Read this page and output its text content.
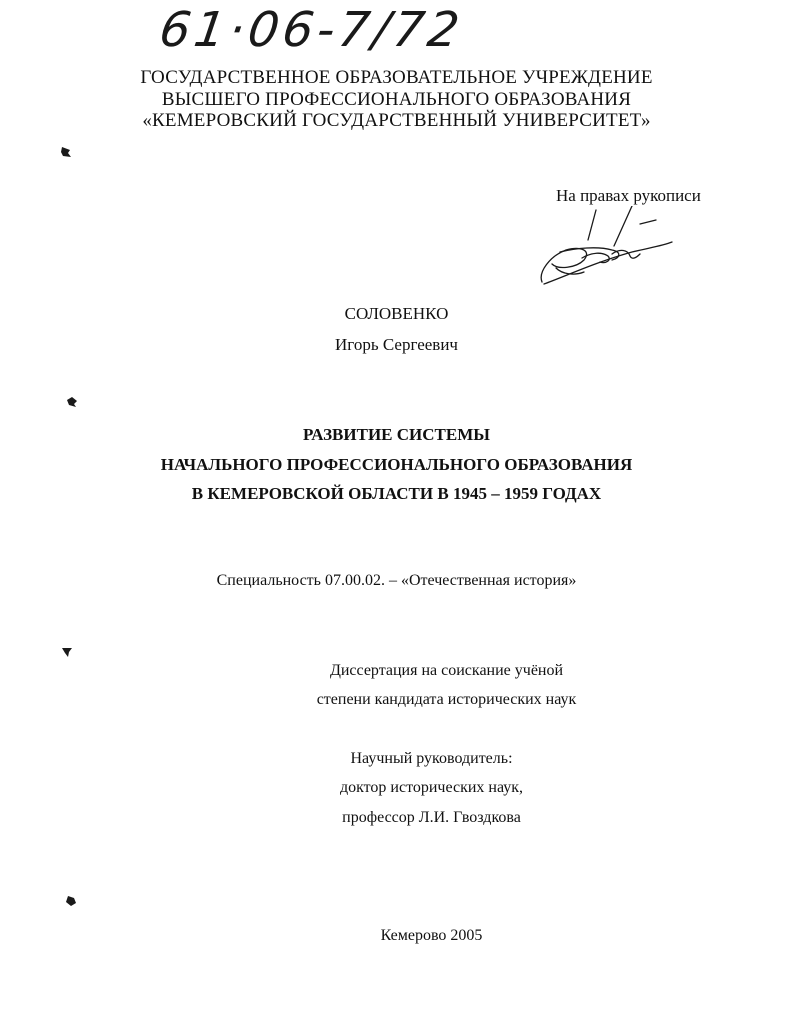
61·06-7/72
ГОСУДАРСТВЕННОЕ ОБРАЗОВАТЕЛЬНОЕ УЧРЕЖДЕНИЕ
ВЫСШЕГО ПРОФЕССИОНАЛЬНОГО ОБРАЗОВАНИЯ
«КЕМЕРОВСКИЙ ГОСУДАРСТВЕННЫЙ УНИВЕРСИТЕТ»
На правах рукописи
СОЛОВЕНКО
Игорь Сергеевич
РАЗВИТИЕ СИСТЕМЫ
НАЧАЛЬНОГО ПРОФЕССИОНАЛЬНОГО ОБРАЗОВАНИЯ
В КЕМЕРОВСКОЙ ОБЛАСТИ В 1945 – 1959 ГОДАХ
Специальность 07.00.02. – «Отечественная история»
Диссертация на соискание учёной
степени кандидата исторических наук
Научный руководитель:
доктор исторических наук,
профессор Л.И. Гвоздкова
Кемерово 2005
